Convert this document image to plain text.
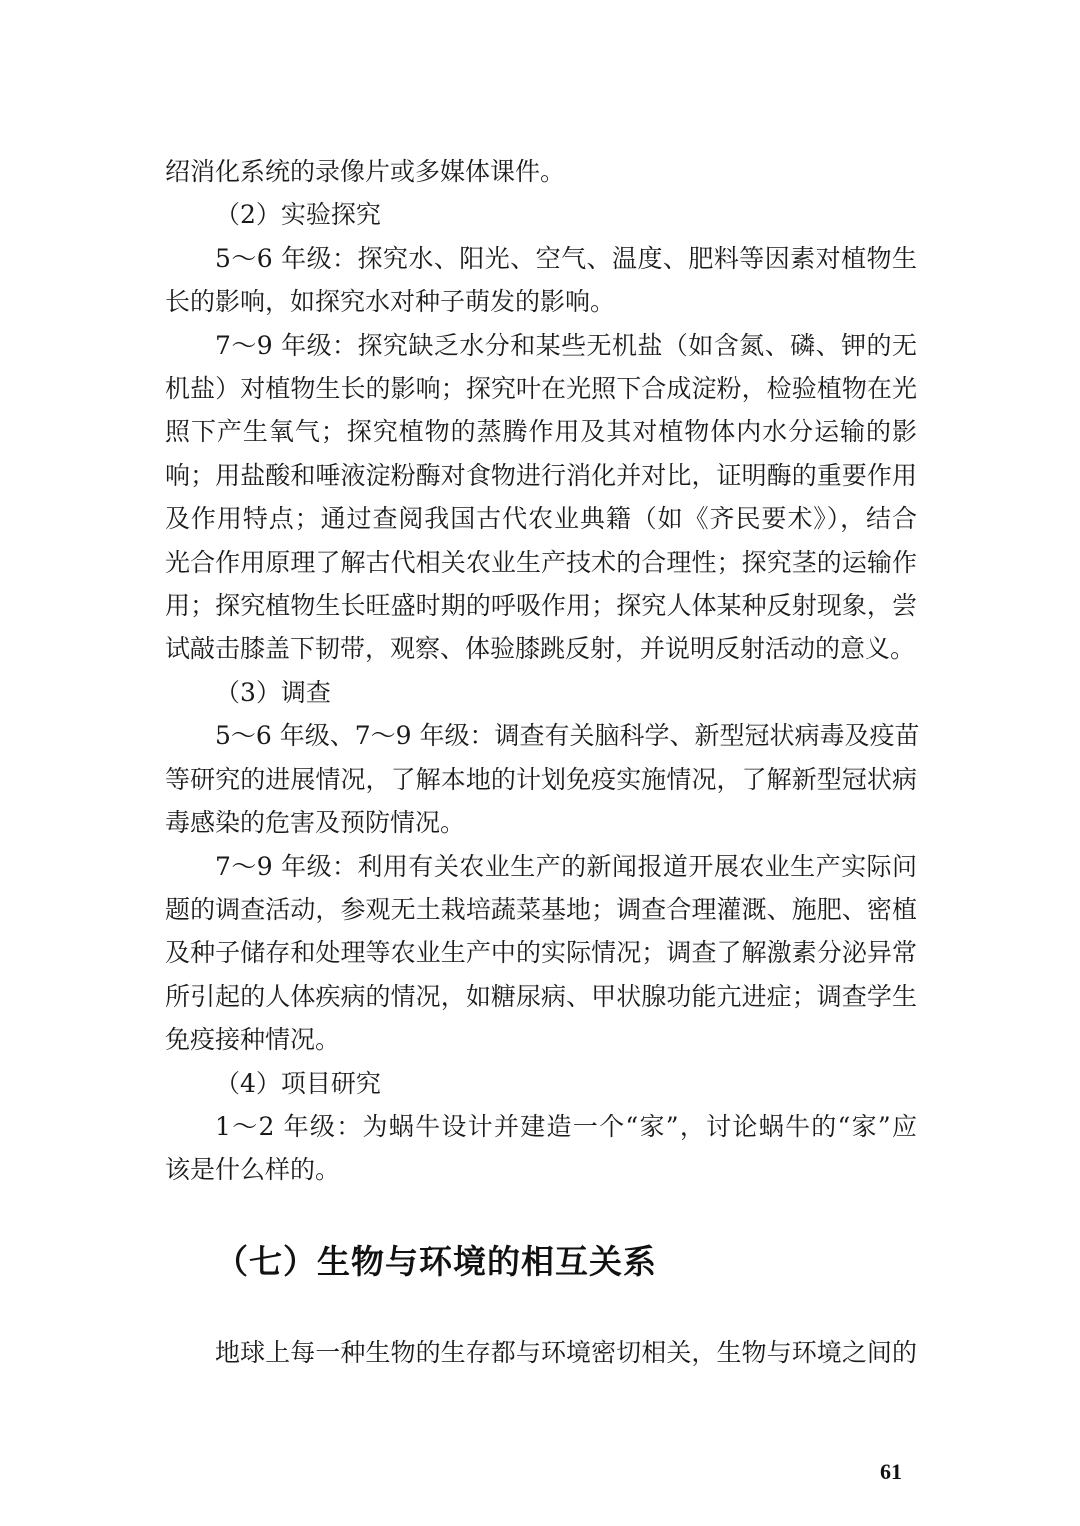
绍消化系统的录像片或多媒体课件。

（2）实验探究

5～6 年级：探究水、阳光、空气、温度、肥料等因素对植物生

长的影响，如探究水对种子萌发的影响。

7～9 年级：探究缺乏水分和某些无机盐（如含氮、磷、钾的无

机盐）对植物生长的影响；探究叶在光照下合成淀粉，检验植物在光

照下产生氧气；探究植物的蒸腾作用及其对植物体内水分运输的影

响；用盐酸和唾液淀粉酶对食物进行消化并对比，证明酶的重要作用

及作用特点；通过查阅我国古代农业典籍（如《齐民要术》），结合

光合作用原理了解古代相关农业生产技术的合理性；探究茎的运输作

用；探究植物生长旺盛时期的呼吸作用；探究人体某种反射现象，尝

试敲击膝盖下韧带，观察、体验膝跳反射，并说明反射活动的意义。

（3）调查

5～6 年级、7～9 年级：调查有关脑科学、新型冠状病毒及疫苗

等研究的进展情况，了解本地的计划免疫实施情况，了解新型冠状病

毒感染的危害及预防情况。

7～9 年级：利用有关农业生产的新闻报道开展农业生产实际问

题的调查活动，参观无土栽培蔬菜基地；调查合理灌溉、施肥、密植

及种子储存和处理等农业生产中的实际情况；调查了解激素分泌异常

所引起的人体疾病的情况，如糖尿病、甲状腺功能亢进症；调查学生

免疫接种情况。

（4）项目研究

1～2 年级：为蜗牛设计并建造一个“家”，讨论蜗牛的“家”应

该是什么样的。

（七）生物与环境的相互关系

地球上每一种生物的生存都与环境密切相关，生物与环境之间的

61
